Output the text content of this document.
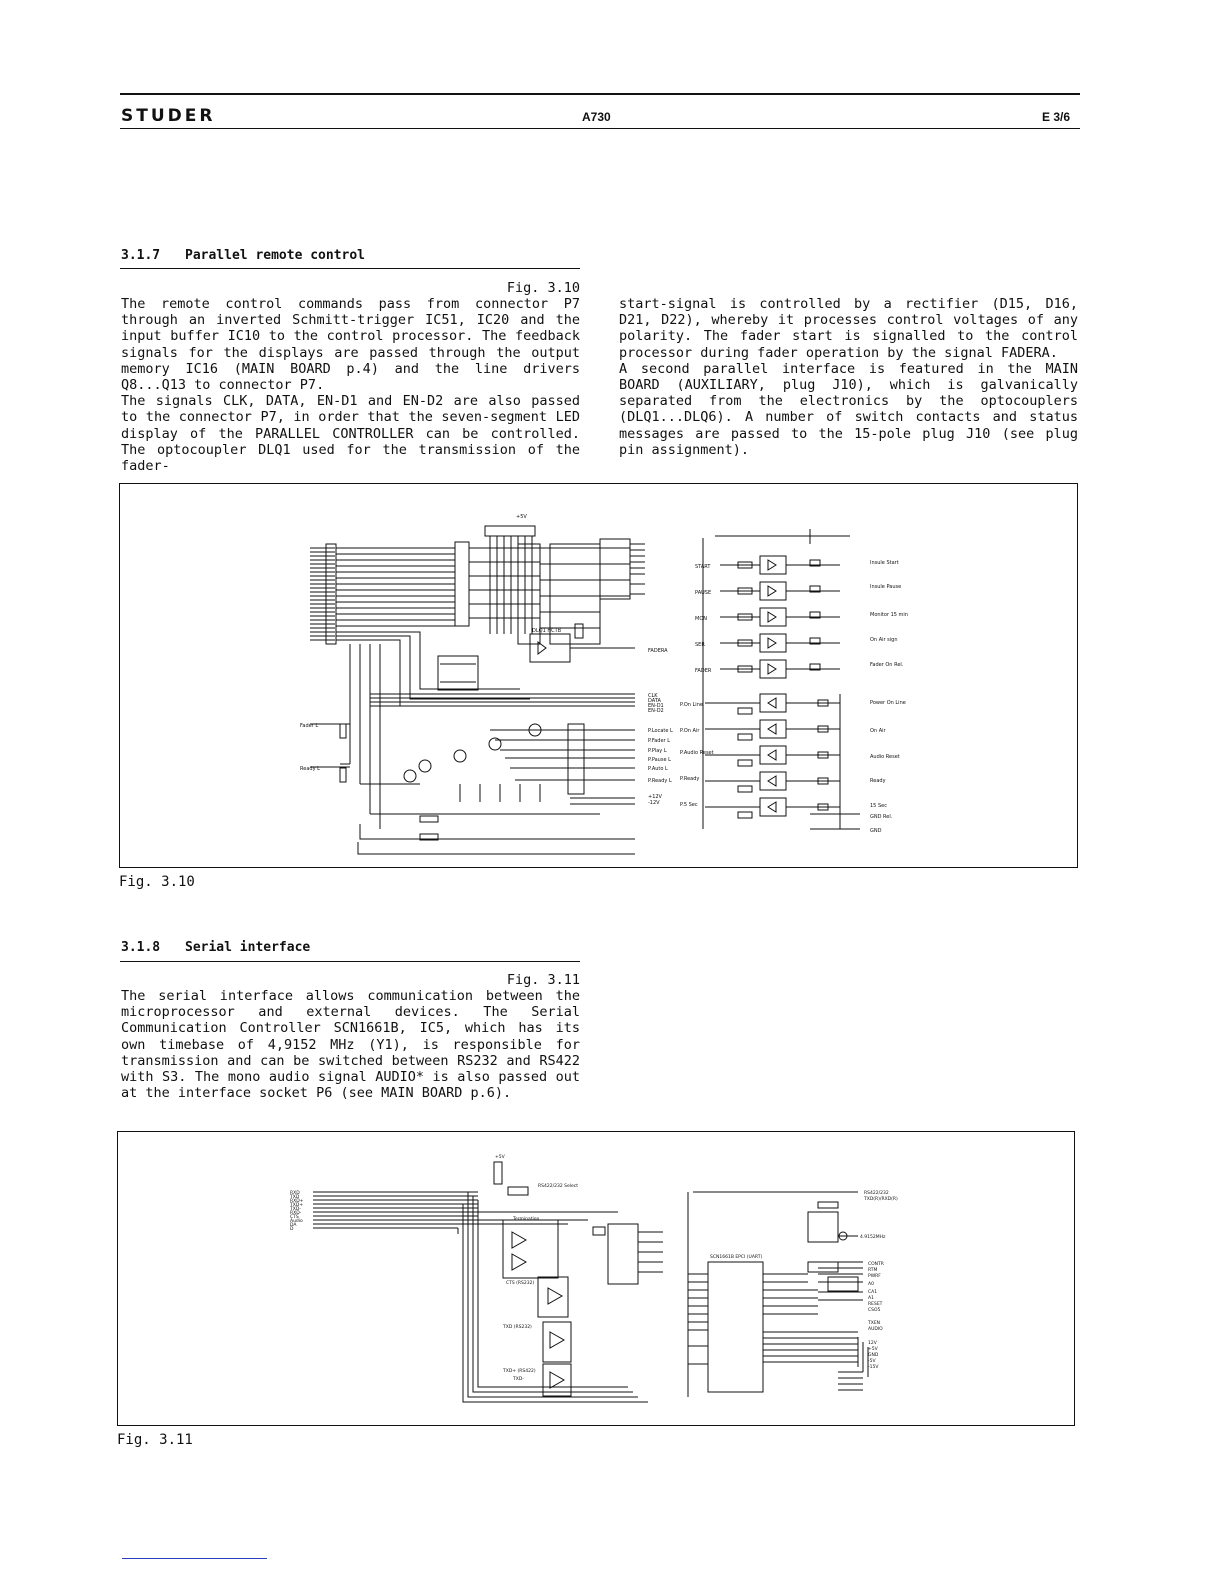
STUDER	A730	E 3/6
3.1.7 Parallel remote control
Fig. 3.10

The remote control commands pass from connector P7 through an inverted Schmitt-trigger IC51, IC20 and the input buffer IC10 to the control processor. The feedback signals for the displays are passed through the output memory IC16 (MAIN BOARD p.4) and the line drivers Q8...Q13 to connector P7.

The signals CLK, DATA, EN-D1 and EN-D2 are also passed to the connector P7, in order that the seven-segment LED display of the PARALLEL CONTROLLER can be controlled. The optocoupler DLQ1 used for the transmission of the fader-

start-signal is controlled by a rectifier (D15, D16, D21, D22), whereby it processes control voltages of any polarity. The fader start is signalled to the control processor during fader operation by the signal FADERA.

A second parallel interface is featured in the MAIN BOARD (AUXILIARY, plug J10), which is galvanically separated from the electronics by the optocouplers (DLQ1...DLQ6). A number of switch contacts and status messages are passed to the 15-pole plug J10 (see plug pin assignment).

DLQ1 HCTB
Fader L
Ready L
+5V
FADERA
CLK
DATA
EN-D1
EN-D2
P.Locate L
P.Fader L
P.Play L
P.Pause L
P.Auto L
P.Ready L
+12V
-12V
START
PAUSE
MON
SER
FADER
Insule Start
Insule Pause
Monitor 15 min
On Air sign
Fader On Rel.
P.On Line
P.On Air
P.Audio Reset
P.Ready
P.5 Sec
Power On Line
On Air
Audio Reset
Ready
15 Sec
GND Rel.
GND
Fig. 3.10
3.1.8 Serial interface
Fig. 3.11

The serial interface allows communication between the microprocessor and external devices. The Serial Communication Controller SCN1661B, IC5, which has its own timebase of 4,9152 MHz (Y1), is responsible for transmission and can be switched between RS232 and RS422 with S3. The mono audio signal AUDIO* is also passed out at the interface socket P6 (see MAIN BOARD p.6).

RXD
TXD
RXD+
TXD+
TXD-
RXD-
CTS
Audio
DA
D
SCN1661B EPCI (UART)
4.9152MHz
+5V
RS422/232 Select
Termination
CTS (RS232)
TXD (RS232)
TXD+ (RS422)
TXD-
RS422/232
TXD(R)/RXD(R)
CONTR
RTM
PWRF
A0
CA1
A1
RESET
CSO5
TXEN
AUDIO
12V
+5V
GND
-5V
-15V
Fig. 3.11
